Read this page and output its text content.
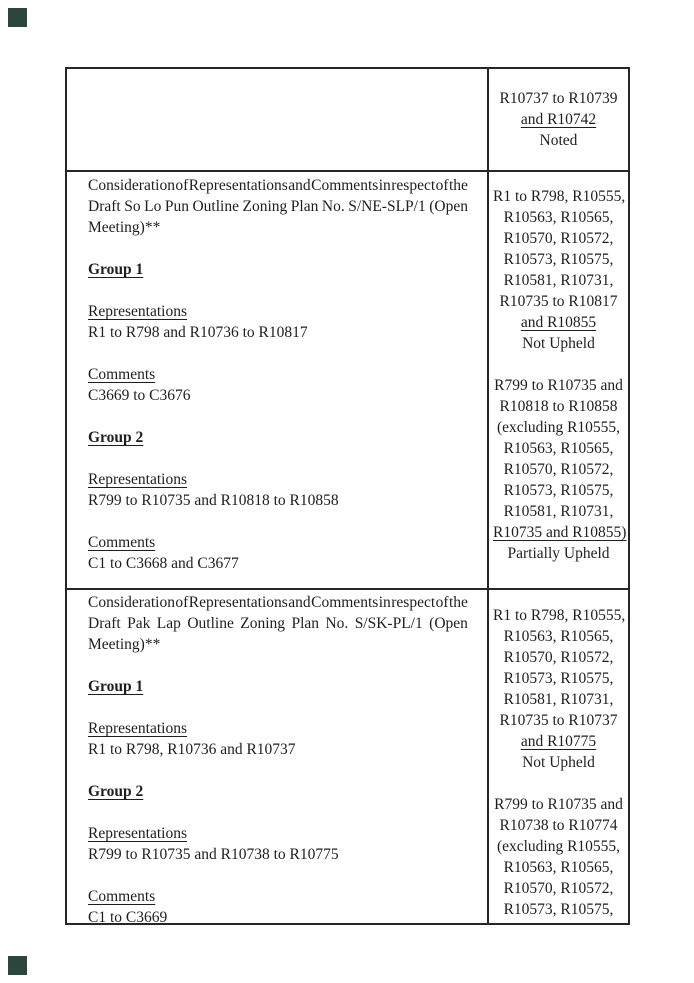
R10737 to R10739
and R10742
Noted
Consideration of Representations and Comments in respect of the
Draft So Lo Pun Outline Zoning Plan No. S/NE-SLP/1 (Open
Meeting)**
Group 1
Representations
R1 to R798 and R10736 to R10817
Comments
C3669 to C3676
Group 2
Representations
R799 to R10735 and R10818 to R10858
Comments
C1 to C3668 and C3677
R1 to R798, R10555,
R10563, R10565,
R10570, R10572,
R10573, R10575,
R10581, R10731,
R10735 to R10817
and R10855
Not Upheld
R799 to R10735 and
R10818 to R10858
(excluding R10555,
R10563, R10565,
R10570, R10572,
R10573, R10575,
R10581, R10731,
R10735 and R10855)
Partially Upheld
Consideration of Representations and Comments in respect of the
Draft Pak Lap Outline Zoning Plan No. S/SK-PL/1 (Open
Meeting)**
Group 1
Representations
R1 to R798, R10736 and R10737
Group 2
Representations
R799 to R10735 and R10738 to R10775
Comments
C1 to C3669
R1 to R798, R10555,
R10563, R10565,
R10570, R10572,
R10573, R10575,
R10581, R10731,
R10735 to R10737
and R10775
Not Upheld
R799 to R10735 and
R10738 to R10774
(excluding R10555,
R10563, R10565,
R10570, R10572,
R10573, R10575,
